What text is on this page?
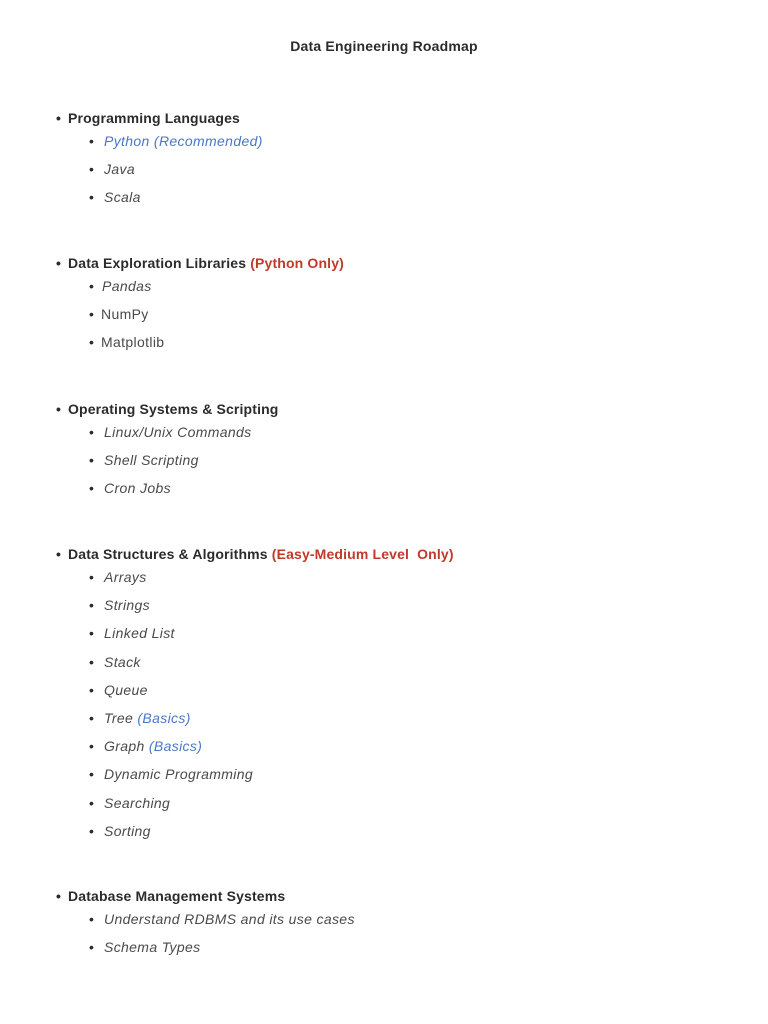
Data Engineering Roadmap
• Programming Languages
• Python (Recommended)
• Java
• Scala
• Data Exploration Libraries (Python Only)
• Pandas
• NumPy
• Matplotlib
• Operating Systems & Scripting
• Linux/Unix Commands
• Shell Scripting
• Cron Jobs
• Data Structures & Algorithms (Easy-Medium Level  Only)
• Arrays
• Strings
• Linked List
• Stack
• Queue
• Tree (Basics)
• Graph (Basics)
• Dynamic Programming
• Searching
• Sorting
• Database Management Systems
• Understand RDBMS and its use cases
• Schema Types
